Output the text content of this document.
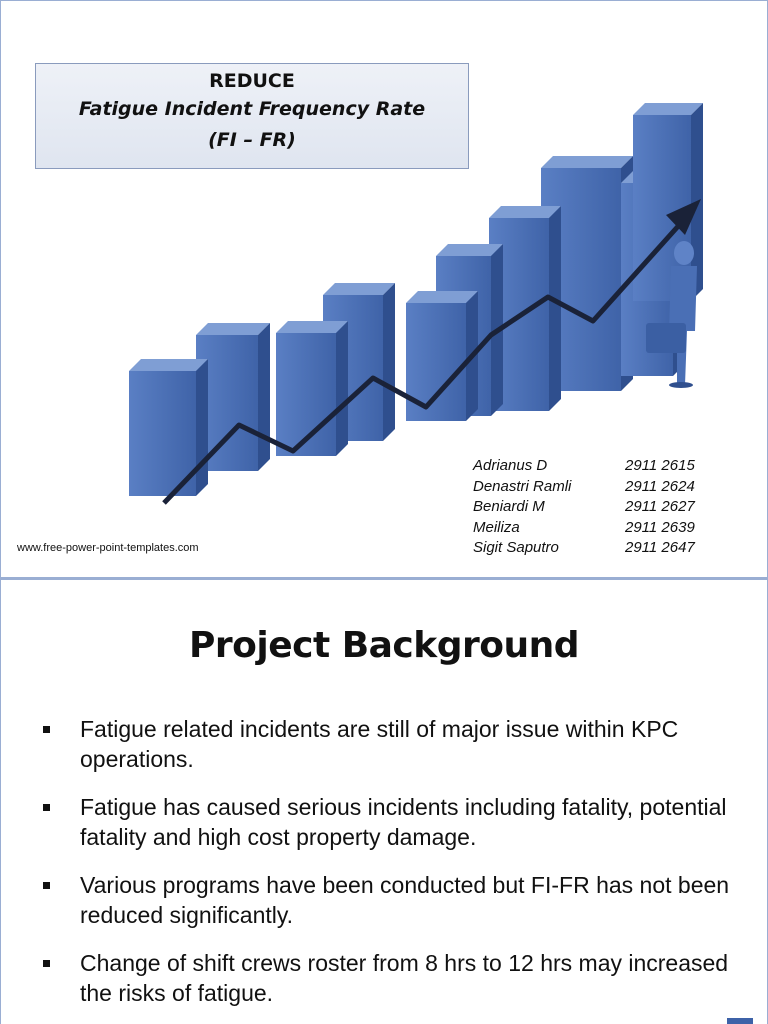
REDUCE
Fatigue Incident Frequency Rate
(FI – FR)
www.free-power-point-templates.com
Adrianus D	2911 2615
Denastri Ramli	2911 2624
Beniardi M	2911 2627
Meiliza	2911 2639
Sigit Saputro	2911 2647
Project Background
Fatigue related incidents are still of major issue within KPC operations.
Fatigue has caused serious incidents including fatality, potential fatality and high cost property damage.
Various programs have been conducted but FI-FR has not been reduced significantly.
Change of shift crews roster from 8 hrs to 12 hrs may increased the risks of fatigue.
